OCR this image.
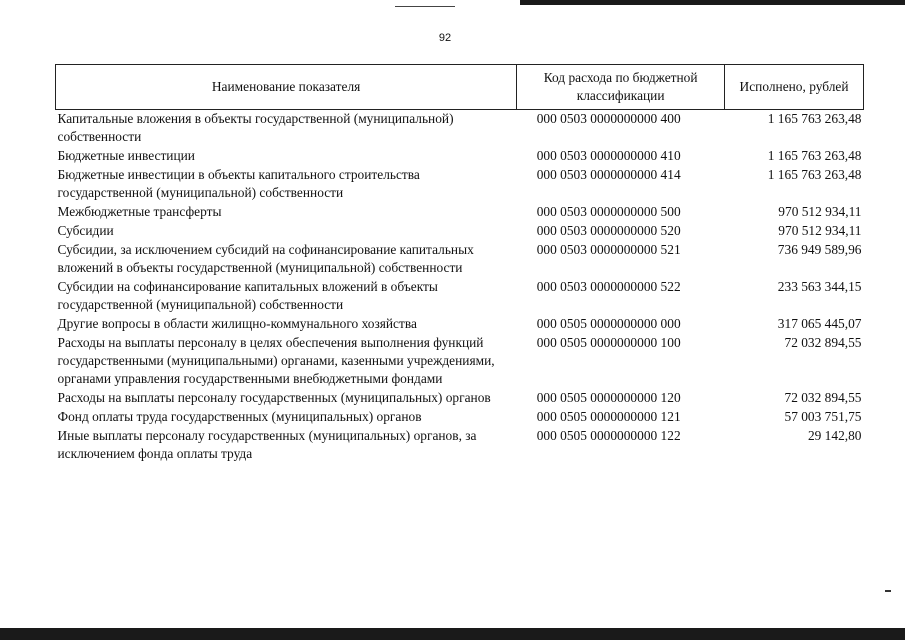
92
Наименование показателя	Код расхода по бюджетной классификации	Исполнено, рублей
Капитальные вложения в объекты государственной (муниципальной) собственности	000 0503 0000000000 400	1 165 763 263,48
Бюджетные инвестиции	000 0503 0000000000 410	1 165 763 263,48
Бюджетные инвестиции в объекты капитального строительства государственной (муниципальной) собственности	000 0503 0000000000 414	1 165 763 263,48
Межбюджетные трансферты	000 0503 0000000000 500	970 512 934,11
Субсидии	000 0503 0000000000 520	970 512 934,11
Субсидии, за исключением субсидий на софинансирование капитальных вложений в объекты государственной (муниципальной) собственности	000 0503 0000000000 521	736 949 589,96
Субсидии на софинансирование капитальных вложений в объекты государственной (муниципальной) собственности	000 0503 0000000000 522	233 563 344,15
Другие вопросы в области жилищно-коммунального хозяйства	000 0505 0000000000 000	317 065 445,07
Расходы на выплаты персоналу в целях обеспечения выполнения функций государственными (муниципальными) органами, казенными учреждениями, органами управления государственными внебюджетными фондами	000 0505 0000000000 100	72 032 894,55
Расходы на выплаты персоналу государственных (муниципальных) органов	000 0505 0000000000 120	72 032 894,55
Фонд оплаты труда государственных (муниципальных) органов	000 0505 0000000000 121	57 003 751,75
Иные выплаты персоналу государственных (муниципальных) органов, за исключением фонда оплаты труда	000 0505 0000000000 122	29 142,80
